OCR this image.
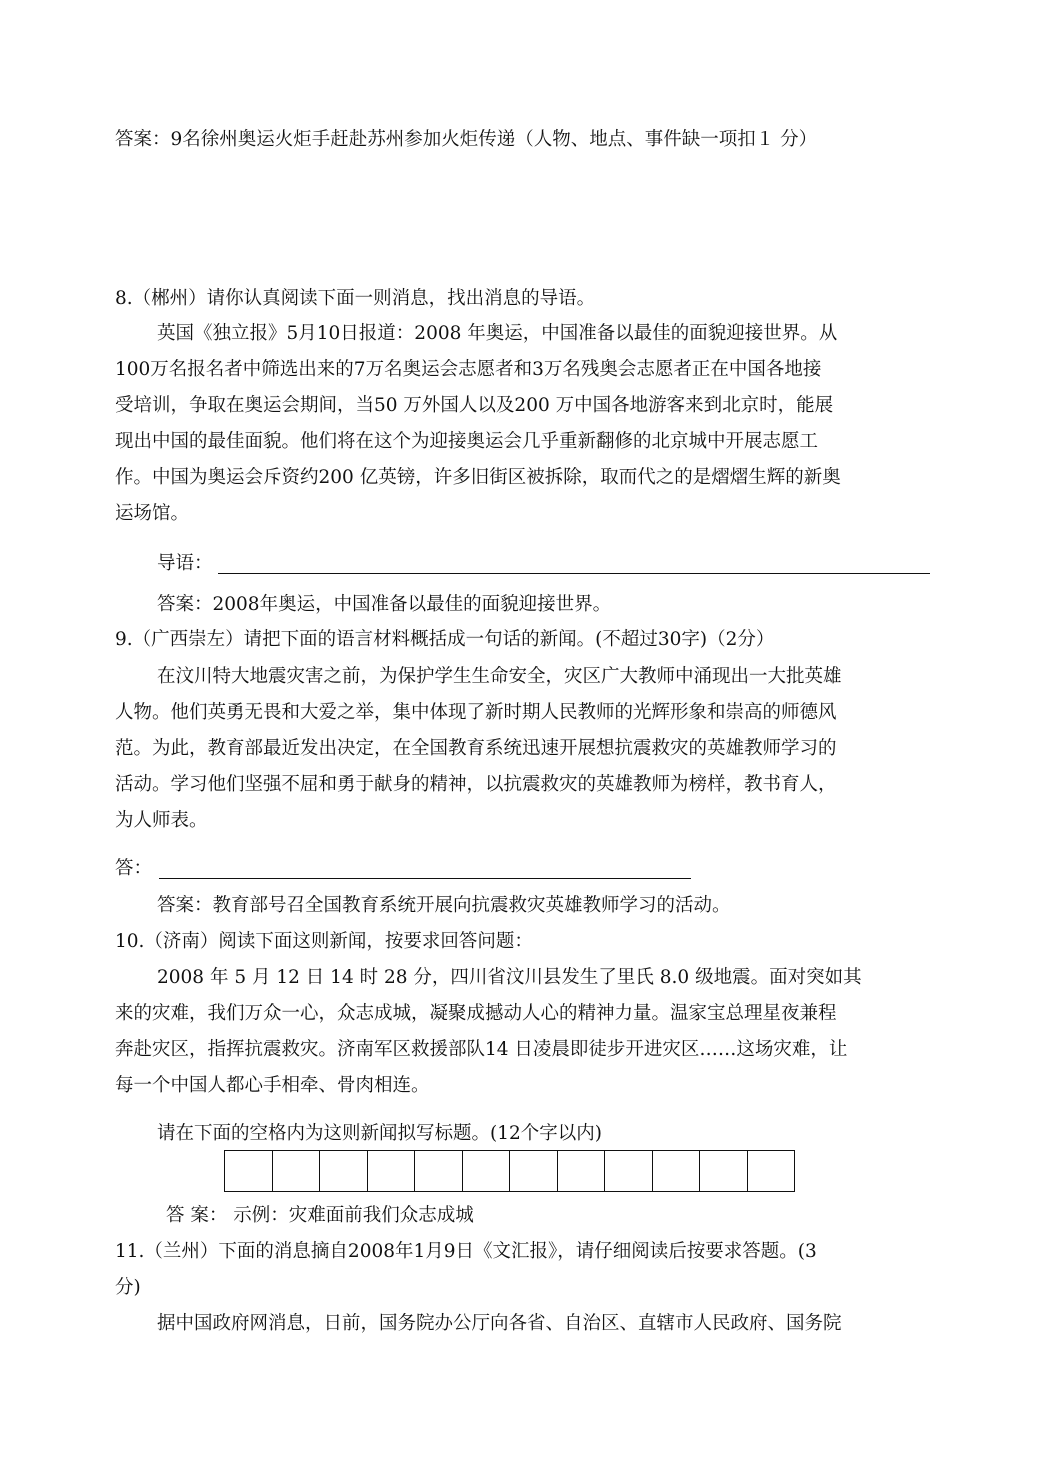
答案：9名徐州奥运火炬手赶赴苏州参加火炬传递（人物、地点、事件缺一项扣１ 分）
8.（郴州）请你认真阅读下面一则消息，找出消息的导语。
英国《独立报》5月10日报道：2008 年奥运，中国准备以最佳的面貌迎接世界。从
100万名报名者中筛选出来的7万名奥运会志愿者和3万名残奥会志愿者正在中国各地接
受培训，争取在奥运会期间，当50 万外国人以及200 万中国各地游客来到北京时，能展
现出中国的最佳面貌。他们将在这个为迎接奥运会几乎重新翻修的北京城中开展志愿工
作。中国为奥运会斥资约200 亿英镑，许多旧街区被拆除，取而代之的是熠熠生辉的新奥
运场馆。
导语：
答案：2008年奥运，中国准备以最佳的面貌迎接世界。
9.（广西崇左）请把下面的语言材料概括成一句话的新闻。(不超过30字)（2分）
在汶川特大地震灾害之前，为保护学生生命安全，灾区广大教师中涌现出一大批英雄
人物。他们英勇无畏和大爱之举，集中体现了新时期人民教师的光辉形象和崇高的师德风
范。为此，教育部最近发出决定，在全国教育系统迅速开展想抗震救灾的英雄教师学习的
活动。学习他们坚强不屈和勇于献身的精神，以抗震救灾的英雄教师为榜样，教书育人，
为人师表。
答：
答案：教育部号召全国教育系统开展向抗震救灾英雄教师学习的活动。
10.（济南）阅读下面这则新闻，按要求回答问题：
2008 年 5 月 12 日 14 时 28 分，四川省汶川县发生了里氏 8.0 级地震。面对突如其
来的灾难，我们万众一心，众志成城，凝聚成撼动人心的精神力量。温家宝总理星夜兼程
奔赴灾区，指挥抗震救灾。济南军区救援部队14 日凌晨即徒步开进灾区……这场灾难，让
每一个中国人都心手相牵、骨肉相连。
请在下面的空格内为这则新闻拟写标题。(12个字以内)
答 案： 示例：灾难面前我们众志成城
11.（兰州）下面的消息摘自2008年1月9日《文汇报》，请仔细阅读后按要求答题。(3
分)
据中国政府网消息，日前，国务院办公厅向各省、自治区、直辖市人民政府、国务院
